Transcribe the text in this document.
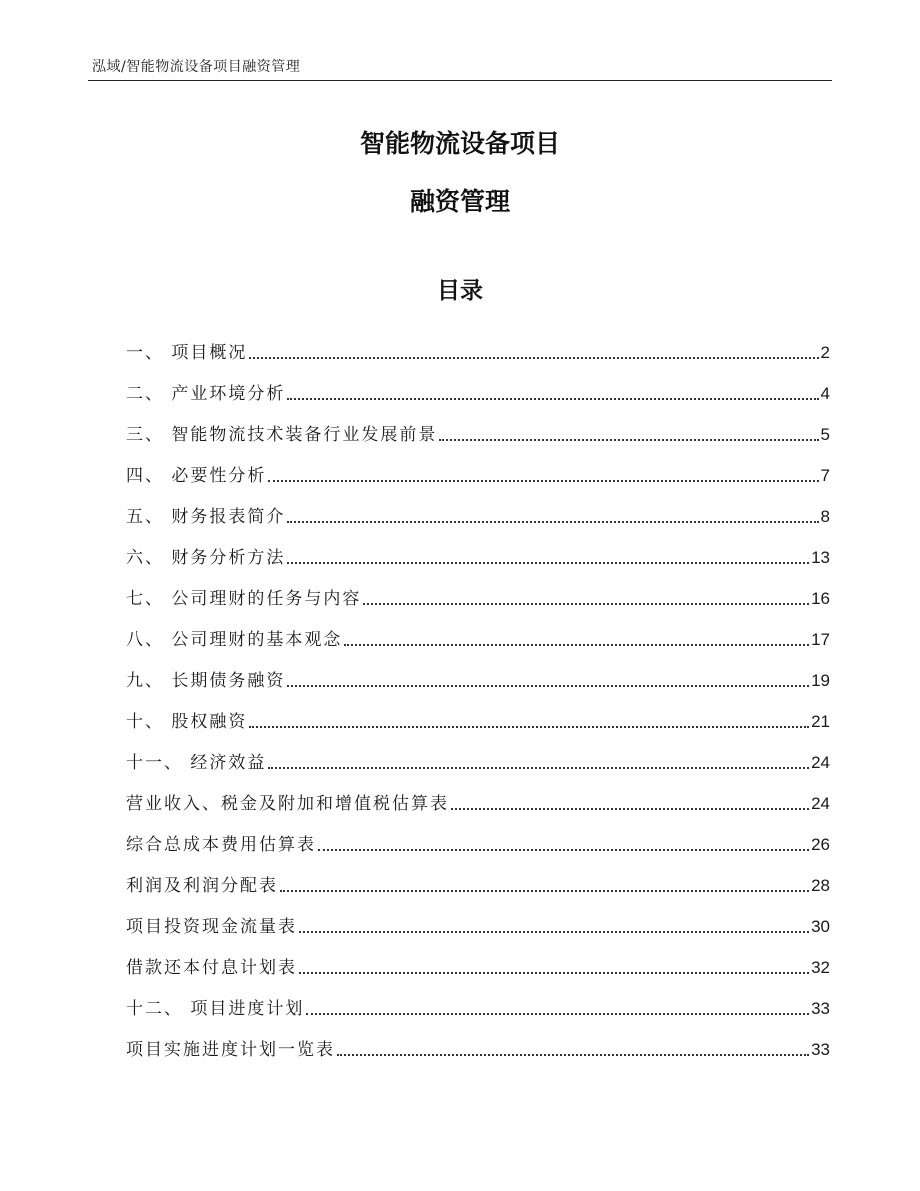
泓域/智能物流设备项目融资管理
智能物流设备项目
融资管理
目录
一、 项目概况	2
二、 产业环境分析	4
三、 智能物流技术装备行业发展前景	5
四、 必要性分析	7
五、 财务报表简介	8
六、 财务分析方法	13
七、 公司理财的任务与内容	16
八、 公司理财的基本观念	17
九、 长期债务融资	19
十、 股权融资	21
十一、 经济效益	24
营业收入、税金及附加和增值税估算表	24
综合总成本费用估算表	26
利润及利润分配表	28
项目投资现金流量表	30
借款还本付息计划表	32
十二、 项目进度计划	33
项目实施进度计划一览表	33
